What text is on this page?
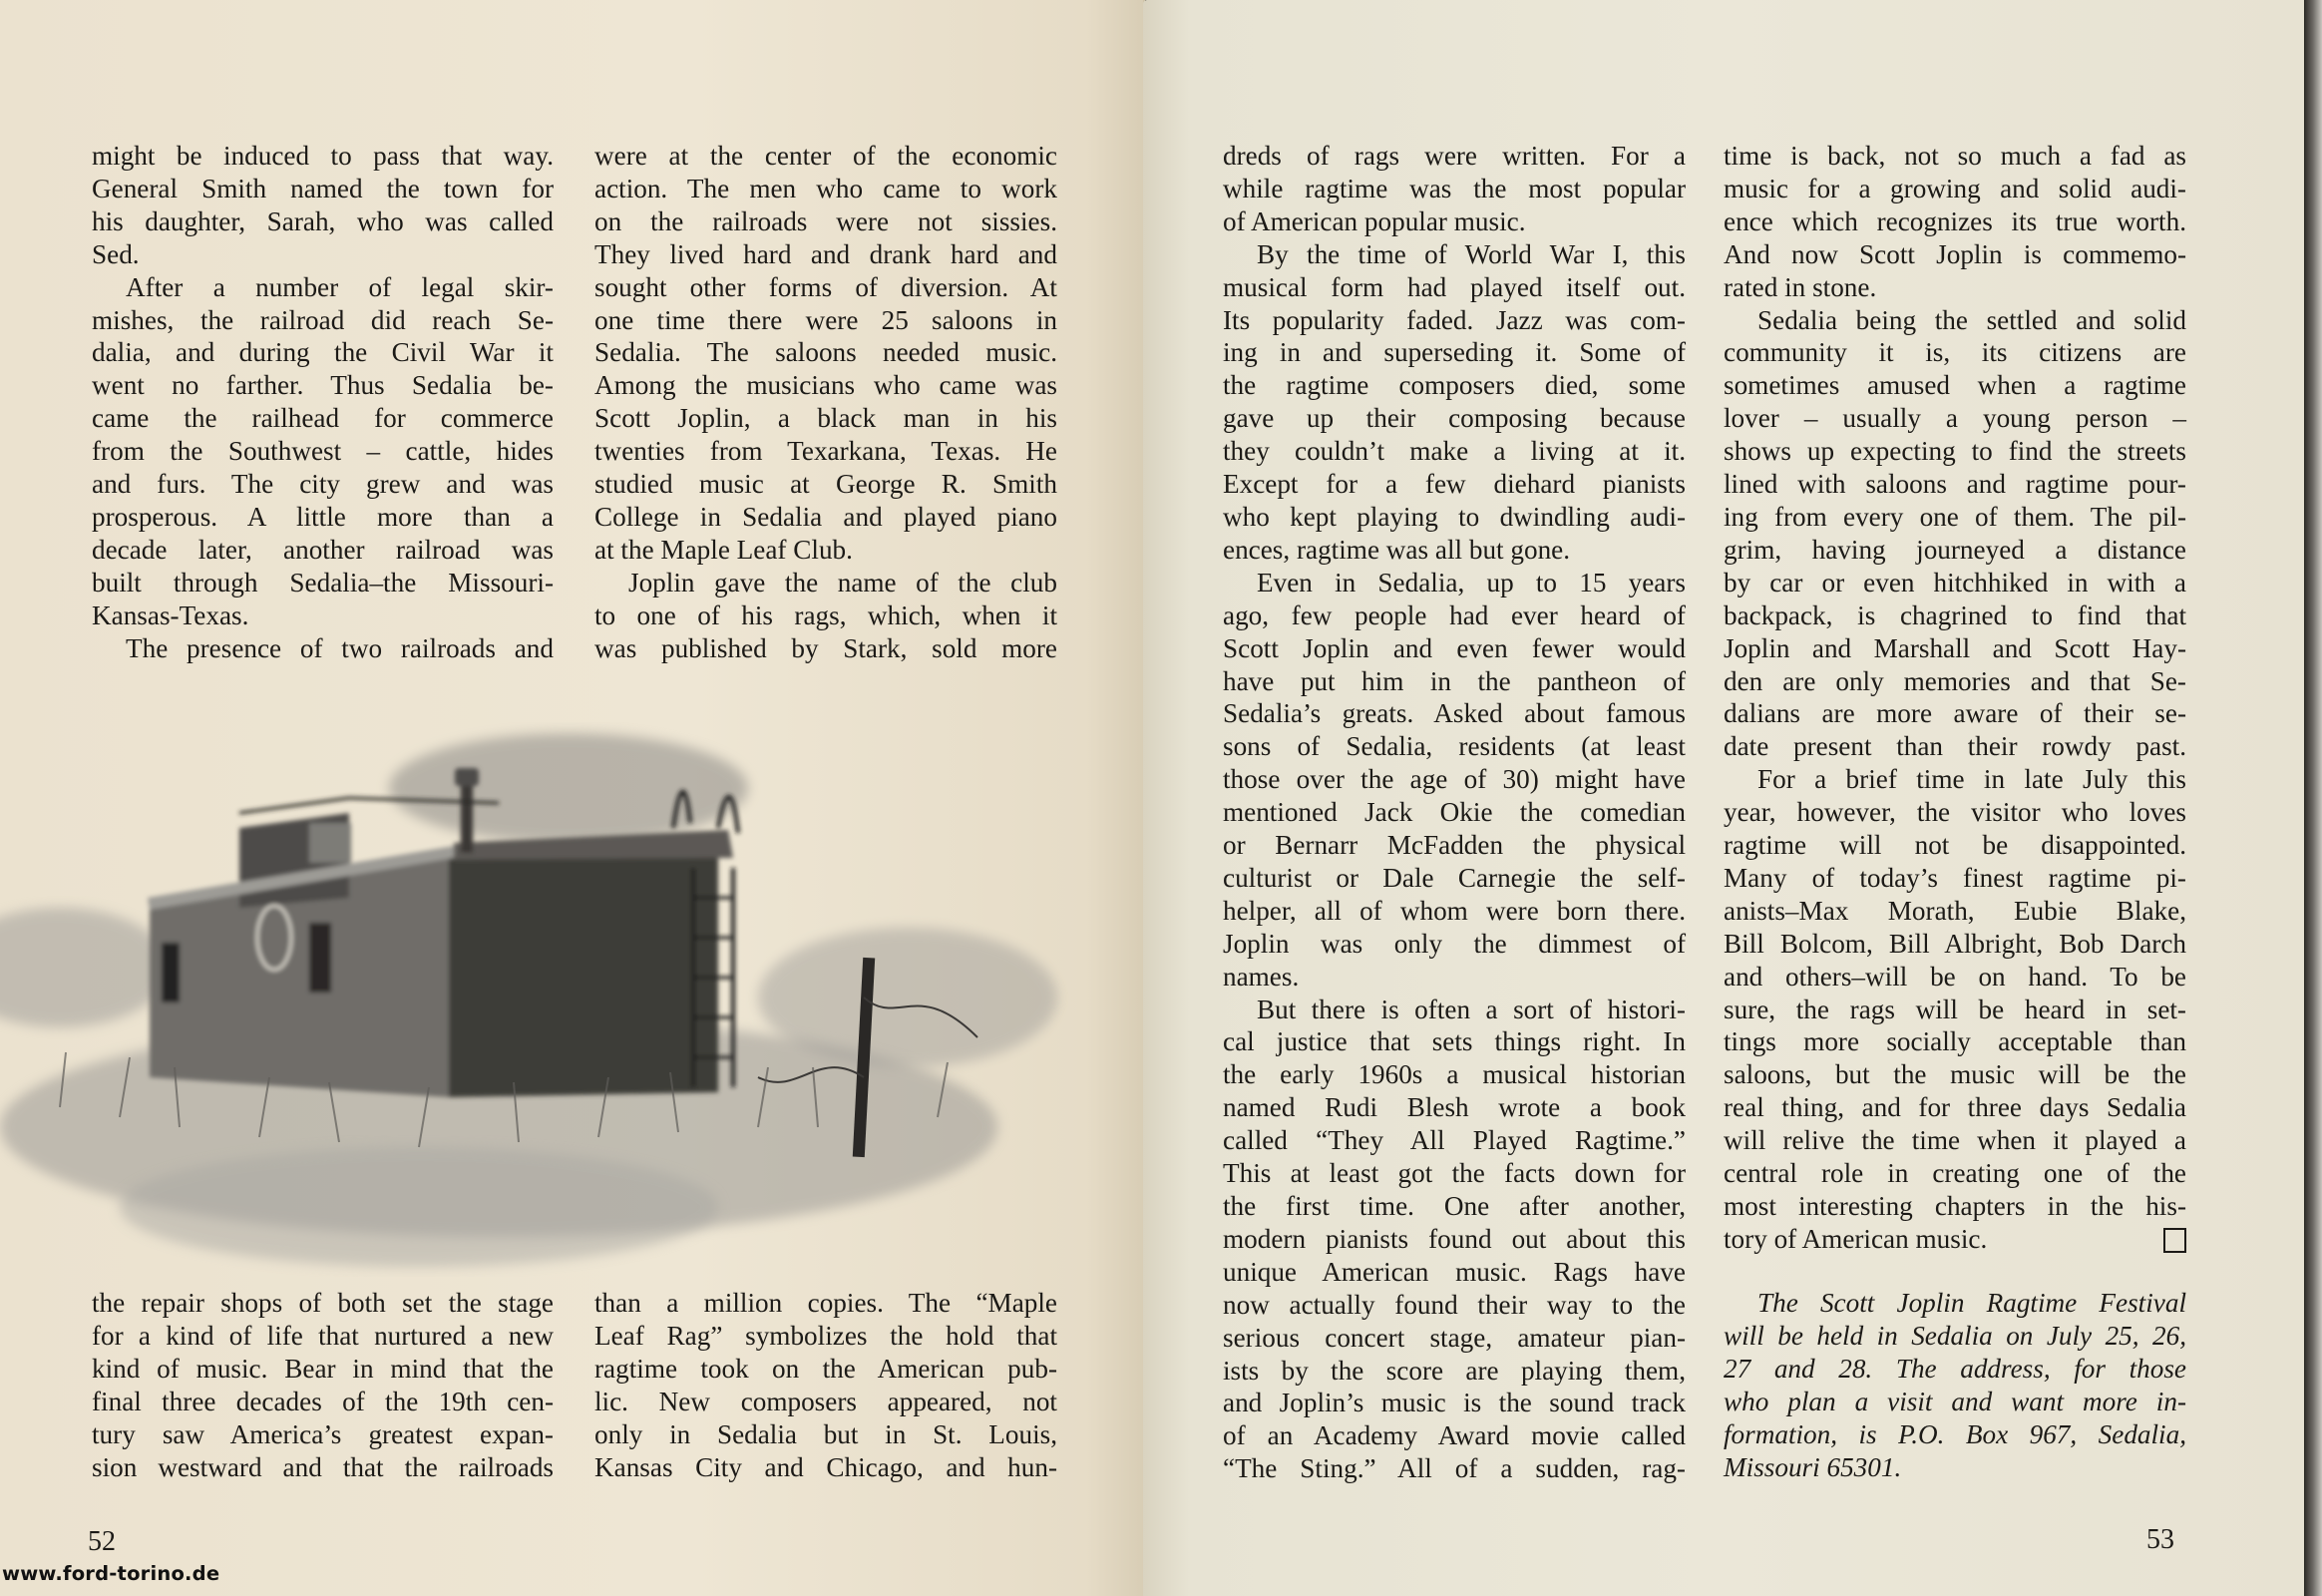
might be induced to pass that way.
General Smith named the town for
his daughter, Sarah, who was called
Sed.
After a number of legal skir-
mishes, the railroad did reach Se-
dalia, and during the Civil War it
went no farther. Thus Sedalia be-
came the railhead for commerce
from the Southwest – cattle, hides
and furs. The city grew and was
prosperous. A little more than a
decade later, another railroad was
built through Sedalia–the Missouri-
Kansas-Texas.
The presence of two railroads and
were at the center of the economic
action. The men who came to work
on the railroads were not sissies.
They lived hard and drank hard and
sought other forms of diversion. At
one time there were 25 saloons in
Sedalia. The saloons needed music.
Among the musicians who came was
Scott Joplin, a black man in his
twenties from Texarkana, Texas. He
studied music at George R. Smith
College in Sedalia and played piano
at the Maple Leaf Club.
Joplin gave the name of the club
to one of his rags, which, when it
was published by Stark, sold more
the repair shops of both set the stage
for a kind of life that nurtured a new
kind of music. Bear in mind that the
final three decades of the 19th cen-
tury saw America’s greatest expan-
sion westward and that the railroads
than a million copies. The “Maple
Leaf Rag” symbolizes the hold that
ragtime took on the American pub-
lic. New composers appeared, not
only in Sedalia but in St. Louis,
Kansas City and Chicago, and hun-
52
dreds of rags were written. For a
while ragtime was the most popular
of American popular music.
By the time of World War I, this
musical form had played itself out.
Its popularity faded. Jazz was com-
ing in and superseding it. Some of
the ragtime composers died, some
gave up their composing because
they couldn’t make a living at it.
Except for a few diehard pianists
who kept playing to dwindling audi-
ences, ragtime was all but gone.
Even in Sedalia, up to 15 years
ago, few people had ever heard of
Scott Joplin and even fewer would
have put him in the pantheon of
Sedalia’s greats. Asked about famous
sons of Sedalia, residents (at least
those over the age of 30) might have
mentioned Jack Okie the comedian
or Bernarr McFadden the physical
culturist or Dale Carnegie the self-
helper, all of whom were born there.
Joplin was only the dimmest of
names.
But there is often a sort of histori-
cal justice that sets things right. In
the early 1960s a musical historian
named Rudi Blesh wrote a book
called “They All Played Ragtime.”
This at least got the facts down for
the first time. One after another,
modern pianists found out about this
unique American music. Rags have
now actually found their way to the
serious concert stage, amateur pian-
ists by the score are playing them,
and Joplin’s music is the sound track
of an Academy Award movie called
“The Sting.” All of a sudden, rag-
time is back, not so much a fad as
music for a growing and solid audi-
ence which recognizes its true worth.
And now Scott Joplin is commemo-
rated in stone.
Sedalia being the settled and solid
community it is, its citizens are
sometimes amused when a ragtime
lover – usually a young person –
shows up expecting to find the streets
lined with saloons and ragtime pour-
ing from every one of them. The pil-
grim, having journeyed a distance
by car or even hitchhiked in with a
backpack, is chagrined to find that
Joplin and Marshall and Scott Hay-
den are only memories and that Se-
dalians are more aware of their se-
date present than their rowdy past.
For a brief time in late July this
year, however, the visitor who loves
ragtime will not be disappointed.
Many of today’s finest ragtime pi-
anists–Max Morath, Eubie Blake,
Bill Bolcom, Bill Albright, Bob Darch
and others–will be on hand. To be
sure, the rags will be heard in set-
tings more socially acceptable than
saloons, but the music will be the
real thing, and for three days Sedalia
will relive the time when it played a
central role in creating one of the
most interesting chapters in the his-
tory of American music.
The Scott Joplin Ragtime Festival
will be held in Sedalia on July 25, 26,
27 and 28. The address, for those
who plan a visit and want more in-
formation, is P.O. Box 967, Sedalia,
Missouri 65301.
53
www.ford-torino.de
